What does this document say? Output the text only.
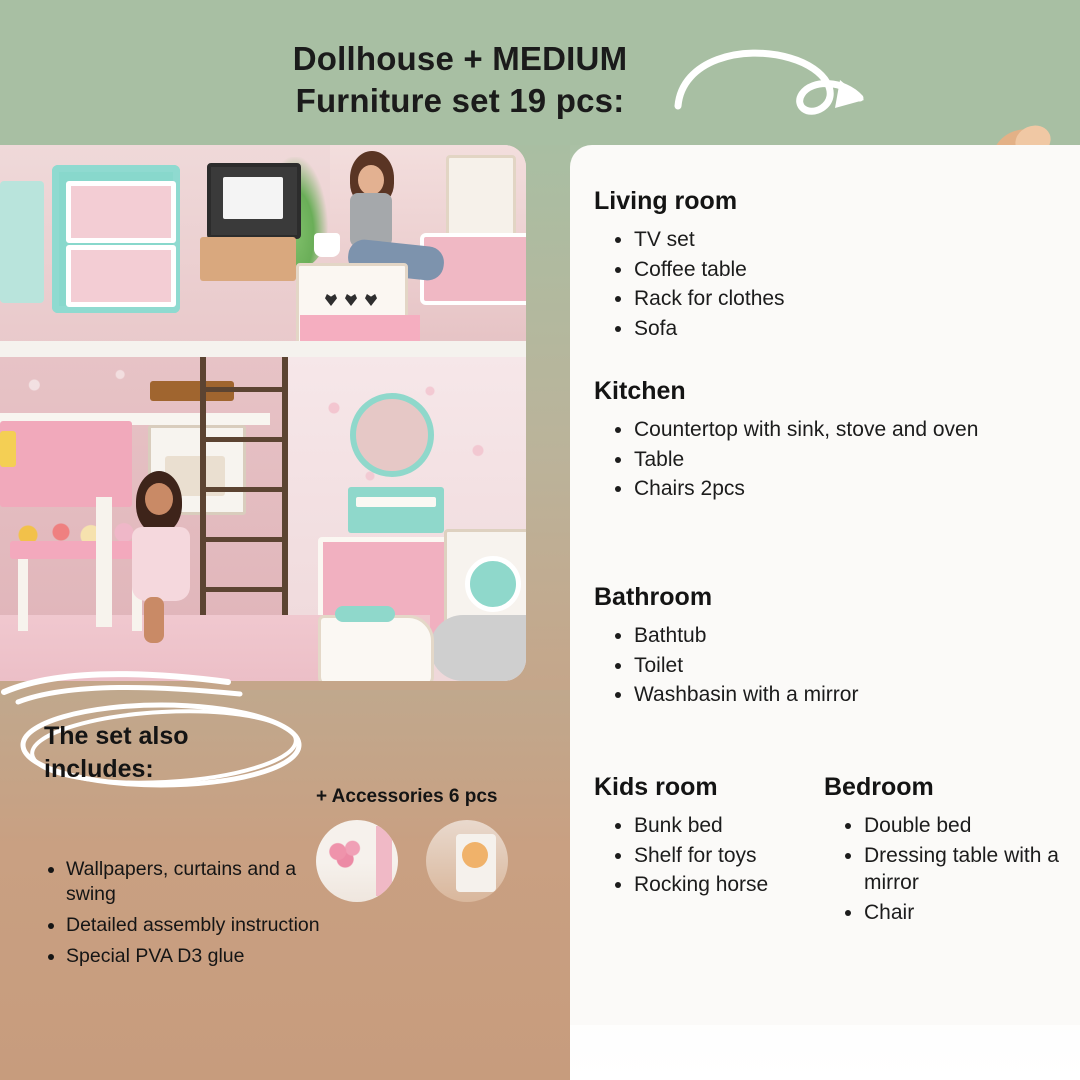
Dollhouse + MEDIUM
Furniture set 19 pcs:
Living room
• TV set
• Coffee table
• Rack for clothes
• Sofa
Kitchen
• Countertop with sink, stove and oven
• Table
• Chairs 2pcs
Bathroom
• Bathtub
• Toilet
• Washbasin with a mirror
Kids room
• Bunk bed
• Shelf for toys
• Rocking horse
Bedroom
• Double bed
• Dressing table with a mirror
• Chair
The set also
includes:
• Wallpapers, curtains and a swing
• Detailed assembly instruction
• Special PVA D3 glue
+ Accessories 6 pcs
